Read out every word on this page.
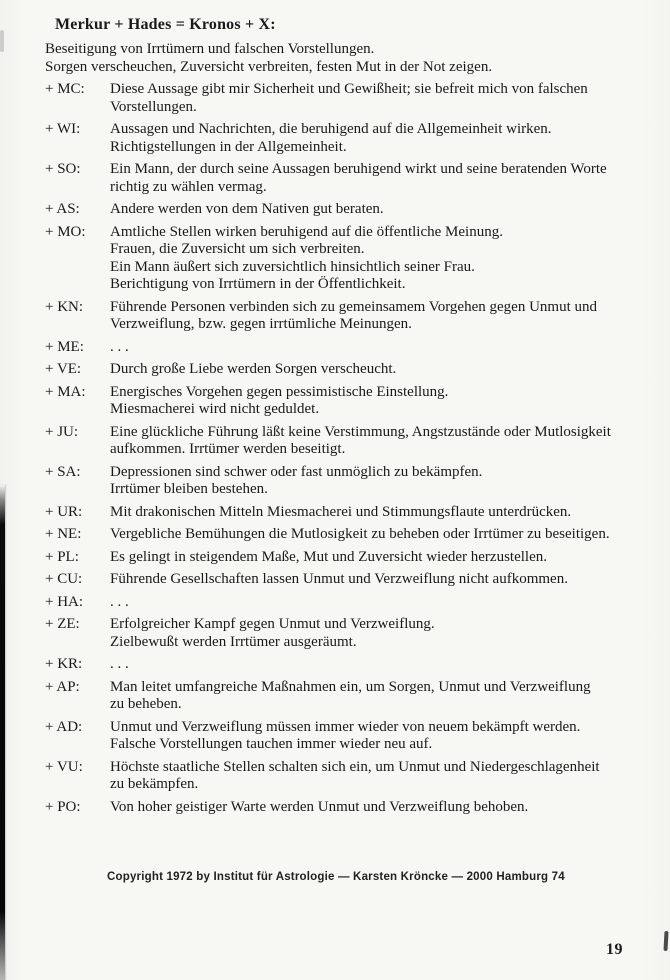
Merkur + Hades = Kronos + X:
Beseitigung von Irrtümern und falschen Vorstellungen.
Sorgen verscheuchen, Zuversicht verbreiten, festen Mut in der Not zeigen.
+ MC:	Diese Aussage gibt mir Sicherheit und Gewißheit; sie befreit mich von falschen
Vorstellungen.
+ WI:	Aussagen und Nachrichten, die beruhigend auf die Allgemeinheit wirken.
Richtigstellungen in der Allgemeinheit.
+ SO:	Ein Mann, der durch seine Aussagen beruhigend wirkt und seine beratenden Worte
richtig zu wählen vermag.
+ AS:	Andere werden von dem Nativen gut beraten.
+ MO:	Amtliche Stellen wirken beruhigend auf die öffentliche Meinung.
Frauen, die Zuversicht um sich verbreiten.
Ein Mann äußert sich zuversichtlich hinsichtlich seiner Frau.
Berichtigung von Irrtümern in der Öffentlichkeit.
+ KN:	Führende Personen verbinden sich zu gemeinsamem Vorgehen gegen Unmut und
Verzweiflung, bzw. gegen irrtümliche Meinungen.
+ ME:	. . .
+ VE:	Durch große Liebe werden Sorgen verscheucht.
+ MA:	Energisches Vorgehen gegen pessimistische Einstellung.
Miesmacherei wird nicht geduldet.
+ JU:	Eine glückliche Führung läßt keine Verstimmung, Angstzustände oder Mutlosigkeit
aufkommen. Irrtümer werden beseitigt.
+ SA:	Depressionen sind schwer oder fast unmöglich zu bekämpfen.
Irrtümer bleiben bestehen.
+ UR:	Mit drakonischen Mitteln Miesmacherei und Stimmungsflaute unterdrücken.
+ NE:	Vergebliche Bemühungen die Mutlosigkeit zu beheben oder Irrtümer zu beseitigen.
+ PL:	Es gelingt in steigendem Maße, Mut und Zuversicht wieder herzustellen.
+ CU:	Führende Gesellschaften lassen Unmut und Verzweiflung nicht aufkommen.
+ HA:	. . .
+ ZE:	Erfolgreicher Kampf gegen Unmut und Verzweiflung.
Zielbewußt werden Irrtümer ausgeräumt.
+ KR:	. . .
+ AP:	Man leitet umfangreiche Maßnahmen ein, um Sorgen, Unmut und Verzweiflung
zu beheben.
+ AD:	Unmut und Verzweiflung müssen immer wieder von neuem bekämpft werden.
Falsche Vorstellungen tauchen immer wieder neu auf.
+ VU:	Höchste staatliche Stellen schalten sich ein, um Unmut und Niedergeschlagenheit
zu bekämpfen.
+ PO:	Von hoher geistiger Warte werden Unmut und Verzweiflung behoben.
Copyright 1972 by Institut für Astrologie — Karsten Kröncke — 2000 Hamburg 74
19
